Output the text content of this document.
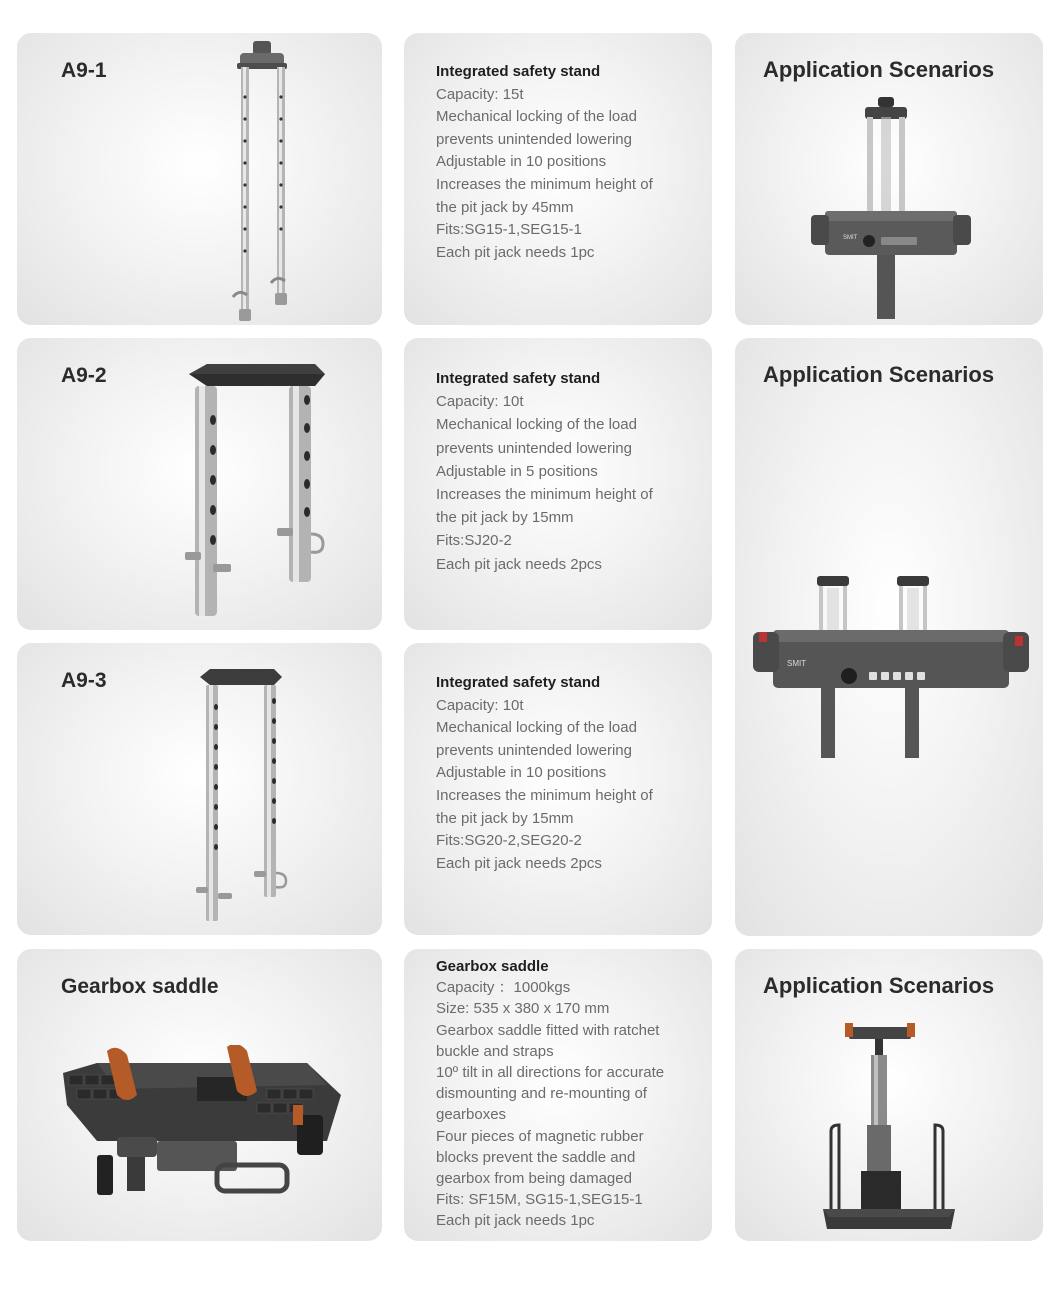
A9-1	Integrated safety stand

Capacity: 15t

Mechanical locking of the load

prevents unintended lowering

Adjustable in 10 positions

Increases the minimum height of

the pit jack by 45mm

Fits:SG15-1,SEG15-1

Each pit jack needs 1pc

Application Scenarios
SMIT
A9-2	Integrated safety stand

Capacity: 10t

Mechanical locking of the load

prevents unintended lowering

Adjustable in 5 positions

Increases the minimum height of

the pit jack by 15mm

Fits:SJ20-2

Each pit jack needs 2pcs

Application Scenarios
SMIT
A9-3	Integrated safety stand

Capacity: 10t

Mechanical locking of the load

prevents unintended lowering

Adjustable in 10 positions

Increases the minimum height of

the pit jack by 15mm

Fits:SG20-2,SEG20-2

Each pit jack needs 2pcs

Gearbox saddle

Gearbox saddle

Capacity ：1000kgs

Size: 535 x 380 x 170 mm

Gearbox saddle fitted with ratchet

buckle and straps

10º tilt in all directions for accurate

dismounting and re-mounting of

gearboxes

Four pieces of magnetic rubber

blocks prevent the saddle and

gearbox from being damaged

Fits: SF15M, SG15-1,SEG15-1

Each pit jack needs 1pc

Application Scenarios
